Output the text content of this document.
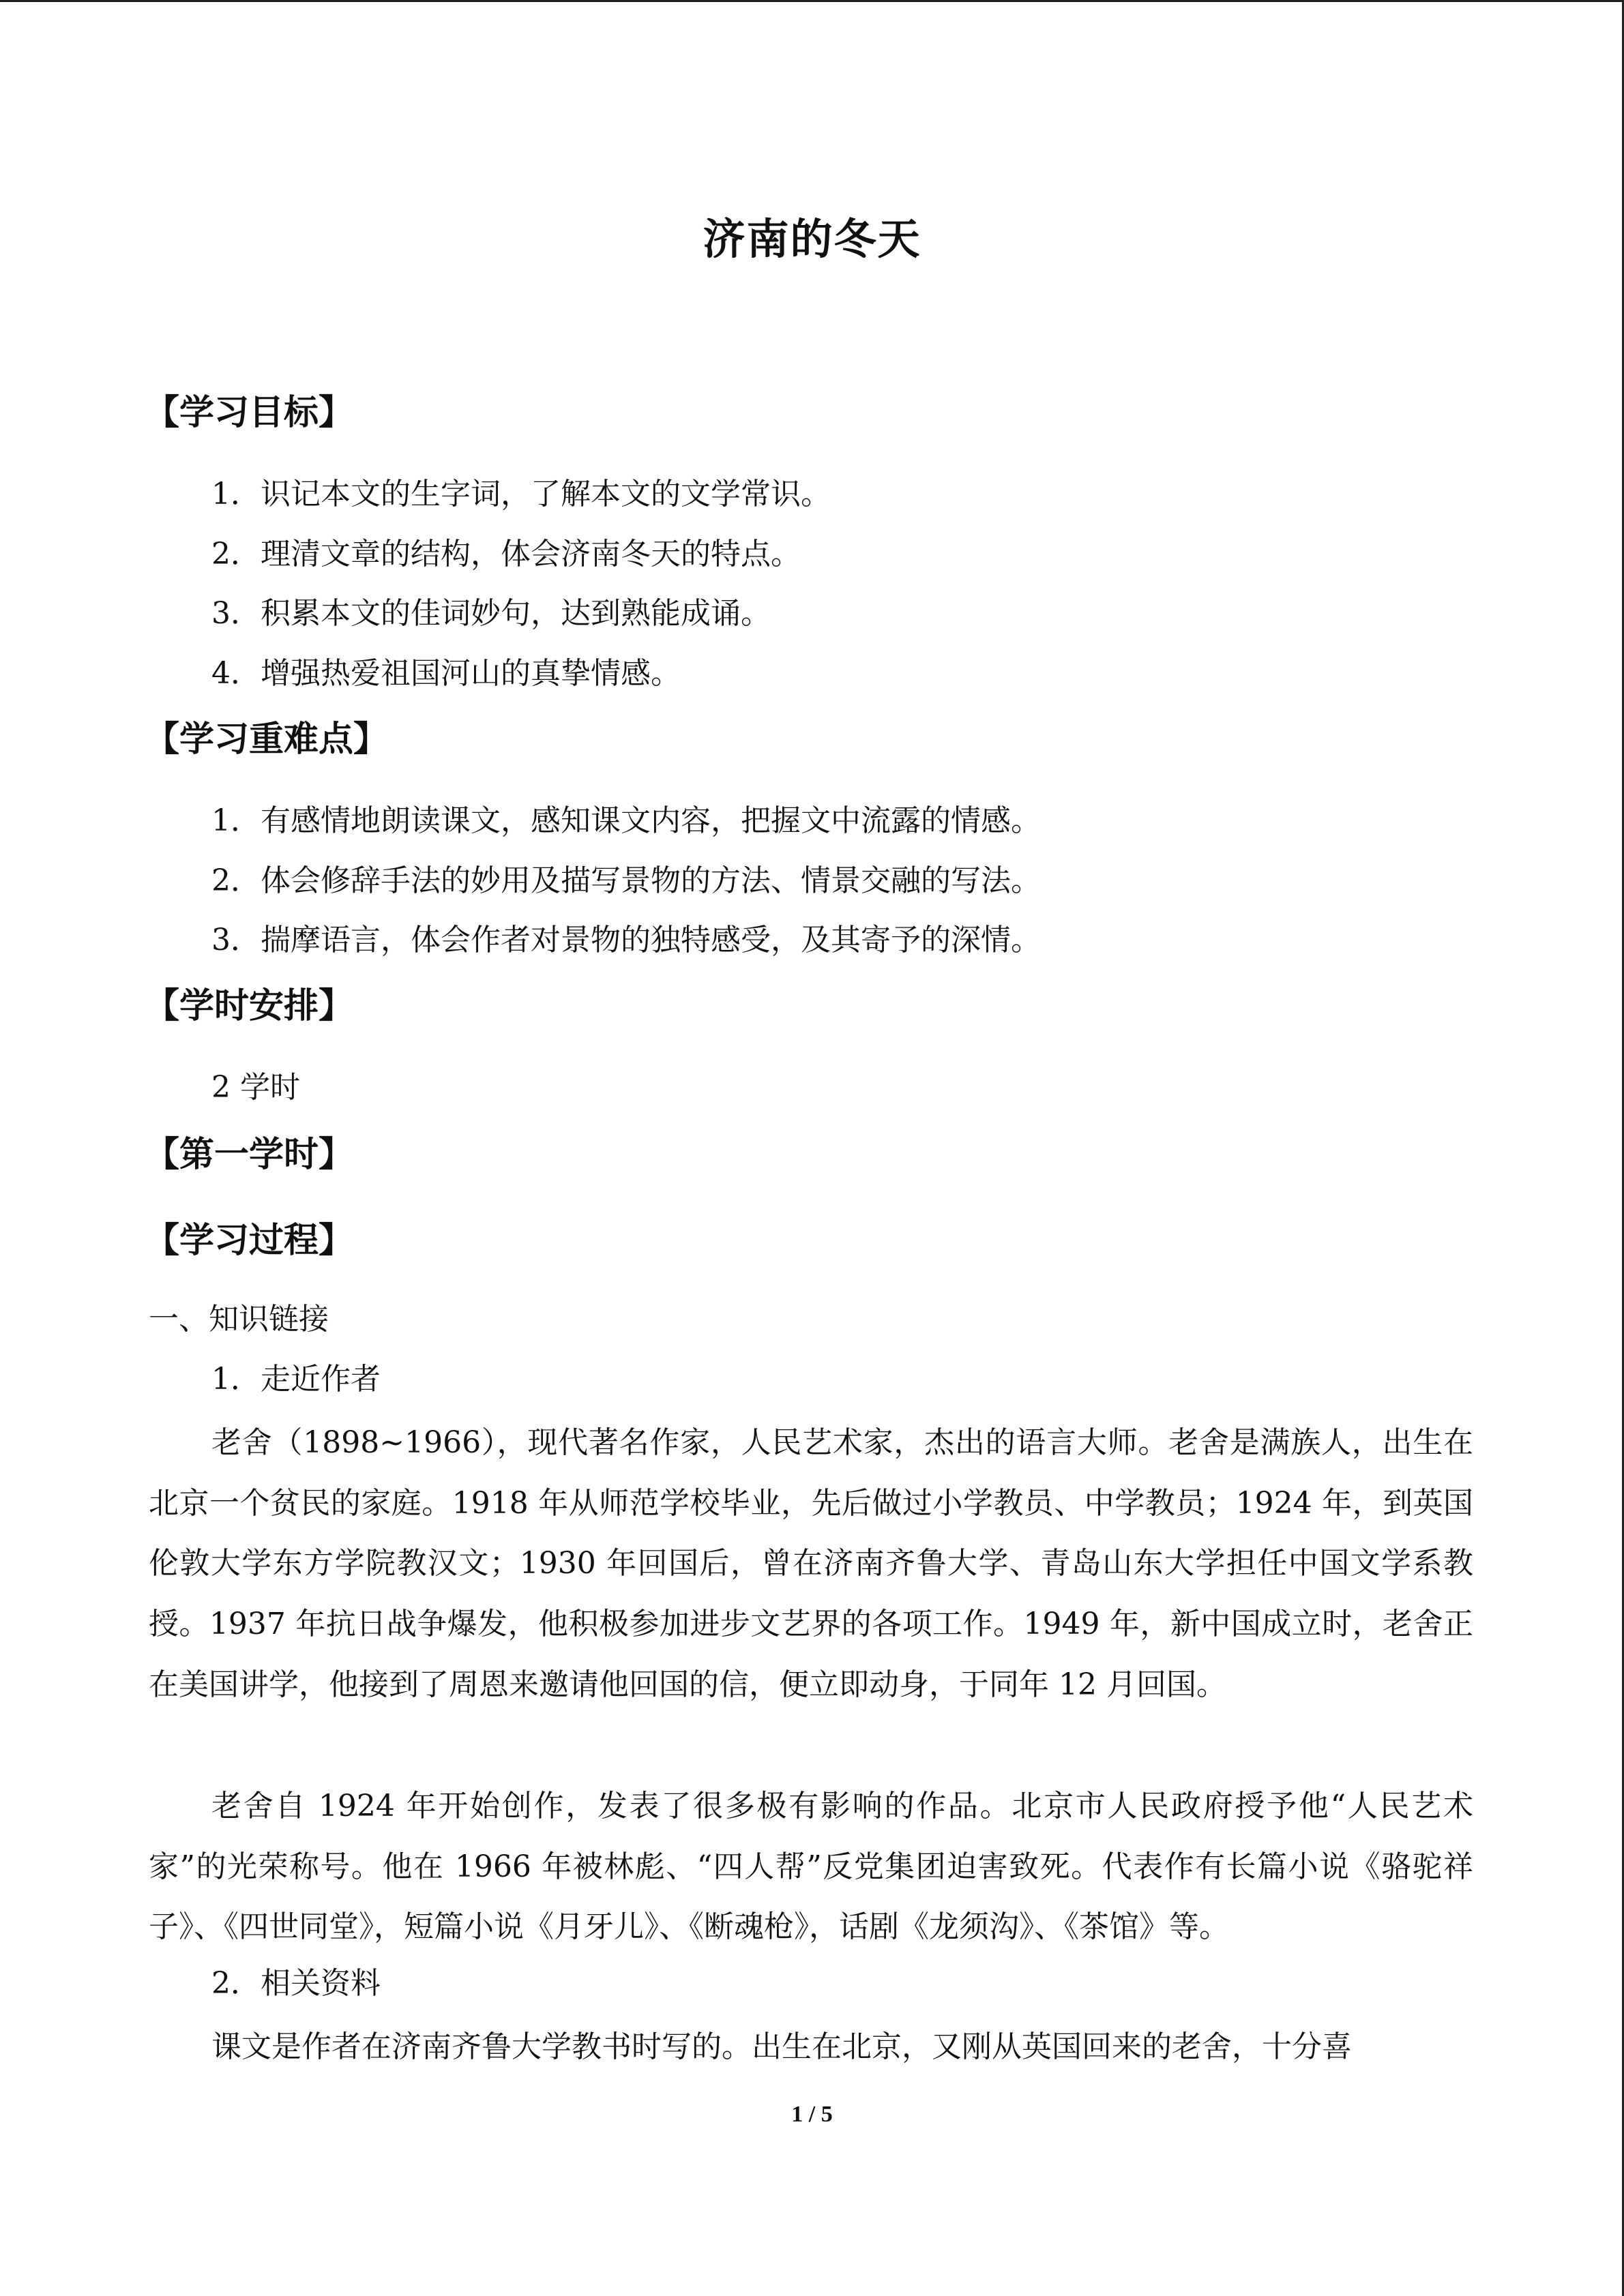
济南的冬天
【学习目标】
1．识记本文的生字词，了解本文的文学常识。
2．理清文章的结构，体会济南冬天的特点。
3．积累本文的佳词妙句，达到熟能成诵。
4．增强热爱祖国河山的真挚情感。
【学习重难点】
1．有感情地朗读课文，感知课文内容，把握文中流露的情感。
2．体会修辞手法的妙用及描写景物的方法、情景交融的写法。
3．揣摩语言，体会作者对景物的独特感受，及其寄予的深情。
【学时安排】
2 学时
【第一学时】
【学习过程】
一、知识链接
1．走近作者
老舍（1898~1966），现代著名作家，人民艺术家，杰出的语言大师。老舍是满族人，出生在北京一个贫民的家庭。1918 年从师范学校毕业，先后做过小学教员、中学教员；1924 年，到英国伦敦大学东方学院教汉文；1930 年回国后，曾在济南齐鲁大学、青岛山东大学担任中国文学系教授。1937 年抗日战争爆发，他积极参加进步文艺界的各项工作。1949 年，新中国成立时，老舍正在美国讲学，他接到了周恩来邀请他回国的信，便立即动身，于同年 12 月回国。
老舍自 1924 年开始创作，发表了很多极有影响的作品。北京市人民政府授予他“人民艺术家”的光荣称号。他在 1966 年被林彪、“四人帮”反党集团迫害致死。代表作有长篇小说《骆驼祥子》、《四世同堂》，短篇小说《月牙儿》、《断魂枪》，话剧《龙须沟》、《茶馆》等。
2．相关资料
课文是作者在济南齐鲁大学教书时写的。出生在北京，又刚从英国回来的老舍，十分喜
1 / 5
